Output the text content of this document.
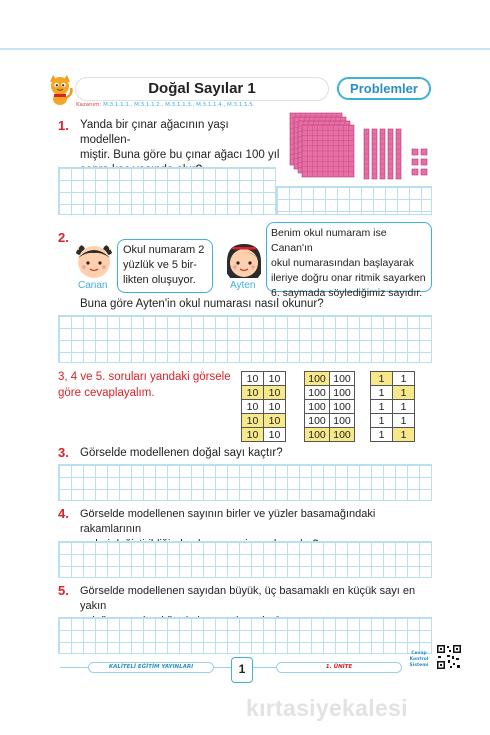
Doğal Sayılar 1	Problemler
Kazanım: M.3.1.1.1., M.3.1.1.2., M.3.1.1.3., M.3.1.1.4., M.3.1.1.5.
1. Yanda bir çınar ağacının yaşı modellen-
miştir. Buna göre bu çınar ağacı 100 yıl
2.
Canan
Okul numaram 2
yüzlük ve 5 bir-
likten oluşuyor.	Ayten
Benim okul numaram ise Canan'ın
okul numarasından başlayarak
ileriye doğru onar ritmik sayarken
6. saymada söylediğimiz sayıdır.
Buna göre Ayten'in okul numarası nasıl okunur?
3, 4 ve 5. soruları yandaki görsele
göre cevaplayalım.
10	10
10	10
10	10
10	10
10	10
100	100
100	100
100	100
100	100
100	100
1	1
1	1
1	1
1	1
1	1
3. Görselde modellenen doğal sayı kaçtır?
4. Görselde modellenen sayının birler ve yüzler basamağındaki rakamlarının
5. Görselde modellenen sayıdan büyük, üç basamaklı en küçük sayı en yakın
KALİTELİ EĞİTİM YAYINLARI	1	1. ÜNİTE
Cevap
Kontrol
Sistemi
kırtasiyekalesi
